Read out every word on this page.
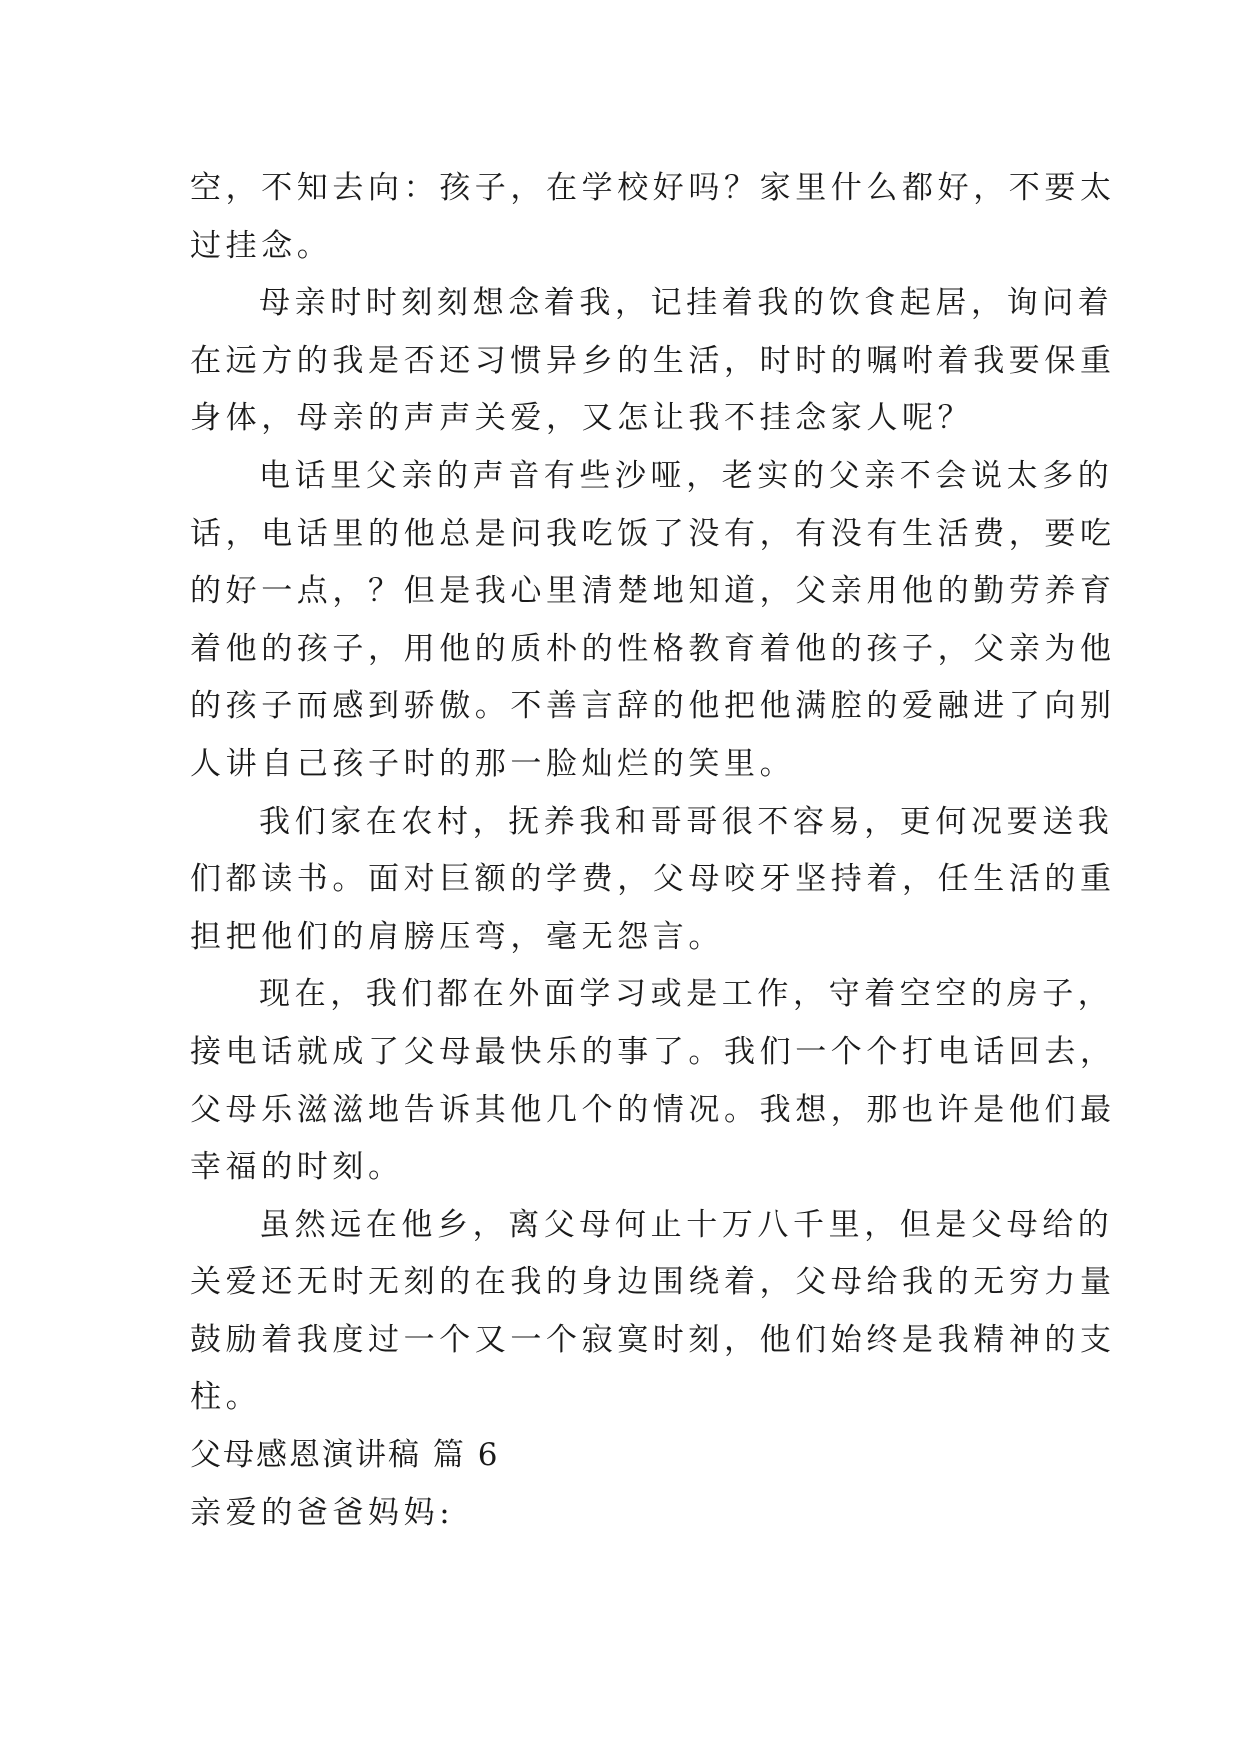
空，不知去向：孩子，在学校好吗？家里什么都好，不要太
过挂念。
母亲时时刻刻想念着我，记挂着我的饮食起居，询问着
在远方的我是否还习惯异乡的生活，时时的嘱咐着我要保重
身体，母亲的声声关爱，又怎让我不挂念家人呢？
电话里父亲的声音有些沙哑，老实的父亲不会说太多的
话，电话里的他总是问我吃饭了没有，有没有生活费，要吃
的好一点，？但是我心里清楚地知道，父亲用他的勤劳养育
着他的孩子，用他的质朴的性格教育着他的孩子，父亲为他
的孩子而感到骄傲。不善言辞的他把他满腔的爱融进了向别
人讲自己孩子时的那一脸灿烂的笑里。
我们家在农村，抚养我和哥哥很不容易，更何况要送我
们都读书。面对巨额的学费，父母咬牙坚持着，任生活的重
担把他们的肩膀压弯，毫无怨言。
现在，我们都在外面学习或是工作，守着空空的房子，
接电话就成了父母最快乐的事了。我们一个个打电话回去，
父母乐滋滋地告诉其他几个的情况。我想，那也许是他们最
幸福的时刻。
虽然远在他乡，离父母何止十万八千里，但是父母给的
关爱还无时无刻的在我的身边围绕着，父母给我的无穷力量
鼓励着我度过一个又一个寂寞时刻，他们始终是我精神的支
柱。
父母感恩演讲稿 篇 6
亲爱的爸爸妈妈:
